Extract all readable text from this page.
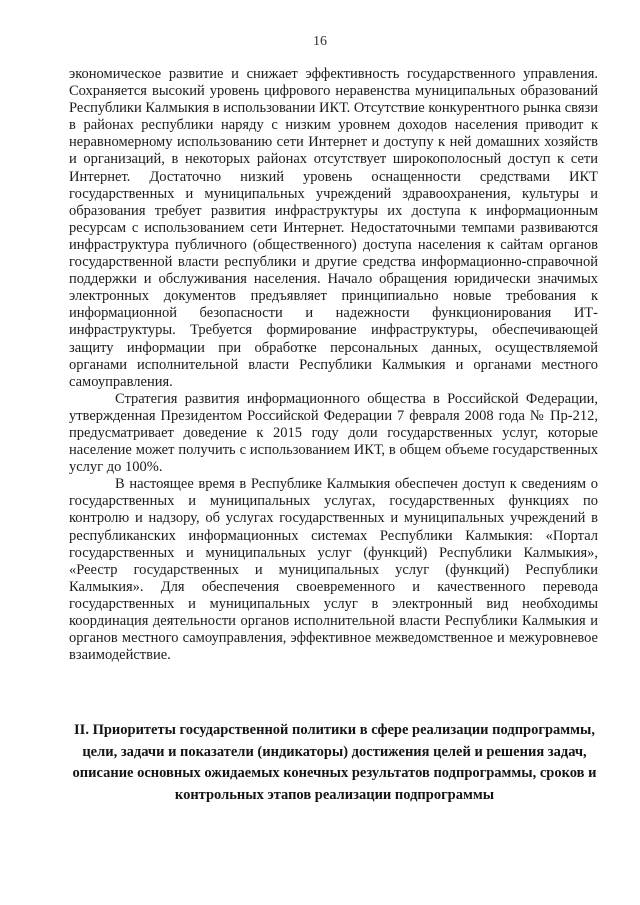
16

экономическое развитие и снижает эффективность государственного управления. Сохраняется высокий уровень цифрового неравенства муниципальных образований Республики Калмыкия в использовании ИКТ. Отсутствие конкурентного рынка связи в районах республики наряду с низким уровнем доходов населения приводит к неравномерному использованию сети Интернет и доступу к ней домашних хозяйств и организаций, в некоторых районах отсутствует широкополосный доступ к сети Интернет. Достаточно низкий уровень оснащенности средствами ИКТ государственных и муниципальных учреждений здравоохранения, культуры и образования требует развития инфраструктуры их доступа к информационным ресурсам с использованием сети Интернет. Недостаточными темпами развиваются инфраструктура публичного (общественного) доступа населения к сайтам органов государственной власти республики и другие средства информационно-справочной поддержки и обслуживания населения. Начало обращения юридически значимых электронных документов предъявляет принципиально новые требования к информационной безопасности и надежности функционирования ИТ-инфраструктуры. Требуется формирование инфраструктуры, обеспечивающей защиту информации при обработке персональных данных, осуществляемой органами исполнительной власти Республики Калмыкия и органами местного самоуправления.

Стратегия развития информационного общества в Российской Федерации, утвержденная Президентом Российской Федерации 7 февраля 2008 года № Пр-212, предусматривает доведение к 2015 году доли государственных услуг, которые население может получить с использованием ИКТ, в общем объеме государственных услуг до 100%.

В настоящее время в Республике Калмыкия обеспечен доступ к сведениям о государственных и муниципальных услугах, государственных функциях по контролю и надзору, об услугах государственных и муниципальных учреждений в республиканских информационных системах Республики Калмыкия: «Портал государственных и муниципальных услуг (функций) Республики Калмыкия», «Реестр государственных и муниципальных услуг (функций) Республики Калмыкия». Для обеспечения своевременного и качественного перевода государственных и муниципальных услуг в электронный вид необходимы координация деятельности органов исполнительной власти Республики Калмыкия и органов местного самоуправления, эффективное межведомственное и межуровневое взаимодействие.

II. Приоритеты государственной политики в сфере реализации подпрограммы, цели, задачи и показатели (индикаторы) достижения целей и решения задач, описание основных ожидаемых конечных результатов подпрограммы, сроков и контрольных этапов реализации подпрограммы
